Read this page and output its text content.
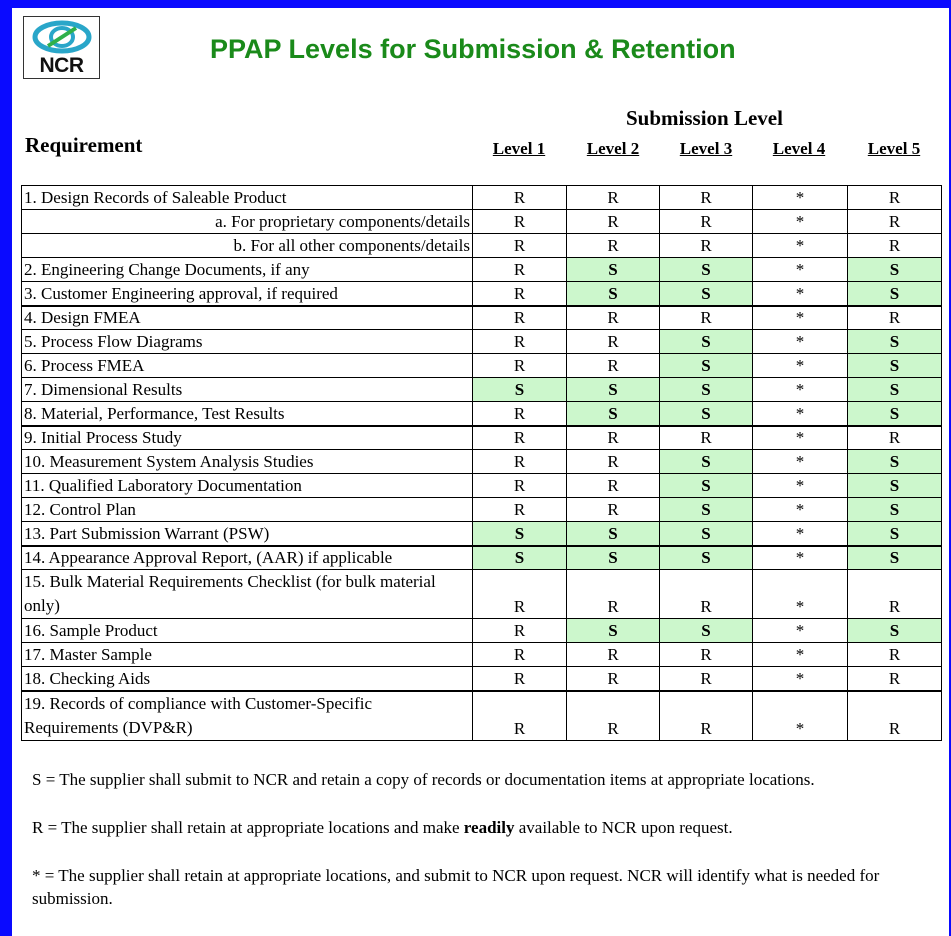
NCR
PPAP Levels for Submission & Retention
Submission Level
Requirement	Level 1	Level 2	Level 3	Level 4	Level 5
1. Design Records of Saleable Product	R	R	R	*	R
a. For proprietary components/details	R	R	R	*	R
b. For all other components/details	R	R	R	*	R
2. Engineering Change Documents, if any	R	S	S	*	S
3. Customer Engineering approval, if required	R	S	S	*	S
4. Design FMEA	R	R	R	*	R
5. Process Flow Diagrams	R	R	S	*	S
6. Process FMEA	R	R	S	*	S
7. Dimensional Results	S	S	S	*	S
8. Material, Performance, Test Results	R	S	S	*	S
9. Initial Process Study	R	R	R	*	R
10. Measurement System Analysis Studies	R	R	S	*	S
11. Qualified Laboratory Documentation	R	R	S	*	S
12. Control Plan	R	R	S	*	S
13. Part Submission Warrant (PSW)	S	S	S	*	S
14. Appearance Approval Report, (AAR) if applicable	S	S	S	*	S
15. Bulk Material Requirements Checklist (for bulk material only)	R	R	R	*	R
16. Sample Product	R	S	S	*	S
17. Master Sample	R	R	R	*	R
18. Checking Aids	R	R	R	*	R
19. Records of compliance with Customer-Specific Requirements (DVP&R)	R	R	R	*	R
S = The supplier shall submit to NCR and retain a copy of records or documentation items at appropriate locations.
R = The supplier shall retain at appropriate locations and make readily available to NCR upon request.
* = The supplier shall retain at appropriate locations, and submit to NCR upon request. NCR will identify what is needed for submission.
